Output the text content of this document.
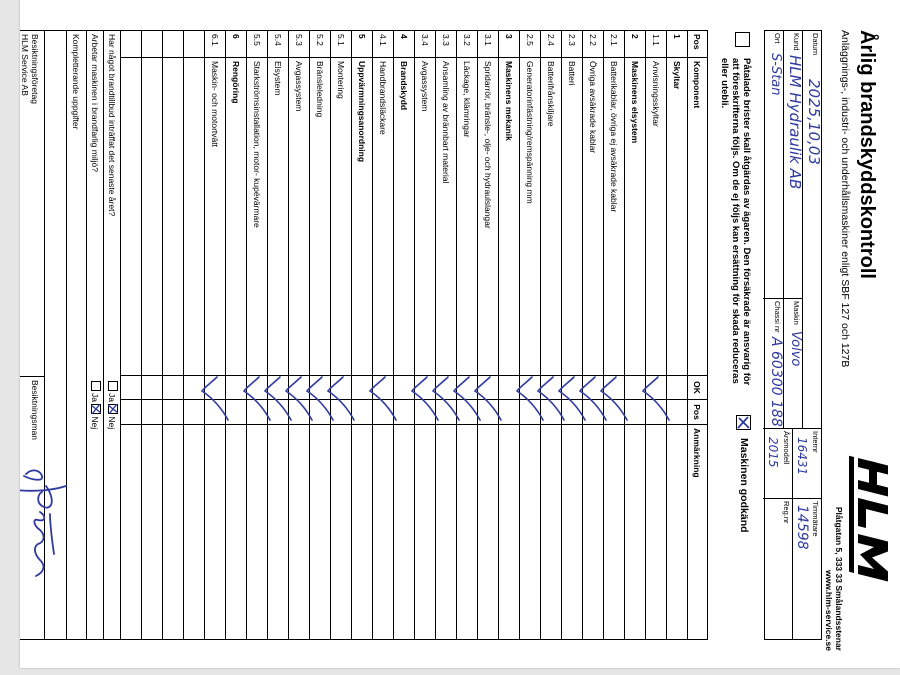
Årlig brandskyddskontroll
Anläggnings-, industri- och underhållsmaskiner enligt SBF 127 och 127B
Plåtgatan 5, 333 33 Smålandsstenar
www.hlm-service.se
Datum
2025,10,03
Kund
HLM Hydraulik AB
Maskin
Volvo
Ort
S-Stan
Chassi nr
A 60300 188
Internr
16431
Timmätare
14598
Årsmodell
2015
Reg.nr
Påtalade brister skall åtgärdas av ägaren. Den försäkrade är ansvarig för att föreskrifterna följs. Om de ej följs kan ersättning för skada reduceras eller utebli.
Maskinen godkänd
Pos
Komponent
OK
Pos
Anmärkning
1
Skyltar
1.1
Anvisningsskyltar
2
Maskinens elsystem
2.1
Batterikablar, övriga ej avsäkrade kablar
2.2
Övriga avsäkrade kablar
2.3
Batteri
2.4
Batterifrånskiljare
2.5
Generatorinfästning/remspänning mm
3
Maskinens mekanik
3.1
Spridarrör, bränsle-, olje- och hydraulslangar
3.2
Läckage, klämringar
3.3
Ansamling av brännbart material
3.4
Avgassystem
4
Brandskydd
4.1
Handbrandsläckare
5
Uppvärmningsanordning
5.1
Montering
5.2
Bränsleledning
5.3
Avgassystem
5.4
Elsystem
5.5
Starkströmsinstallation, motor- kupévärmare
6
Rengöring
6.1
Maskin- och motortvätt
Har något brandtillbud inträffat det senaste året?
Ja
Nej
Arbetar maskinen i brandfarlig miljö?
Ja
Nej
Kompletterande uppgifter
Besiktningsföretag
HLM Service AB
Besiktningsman
